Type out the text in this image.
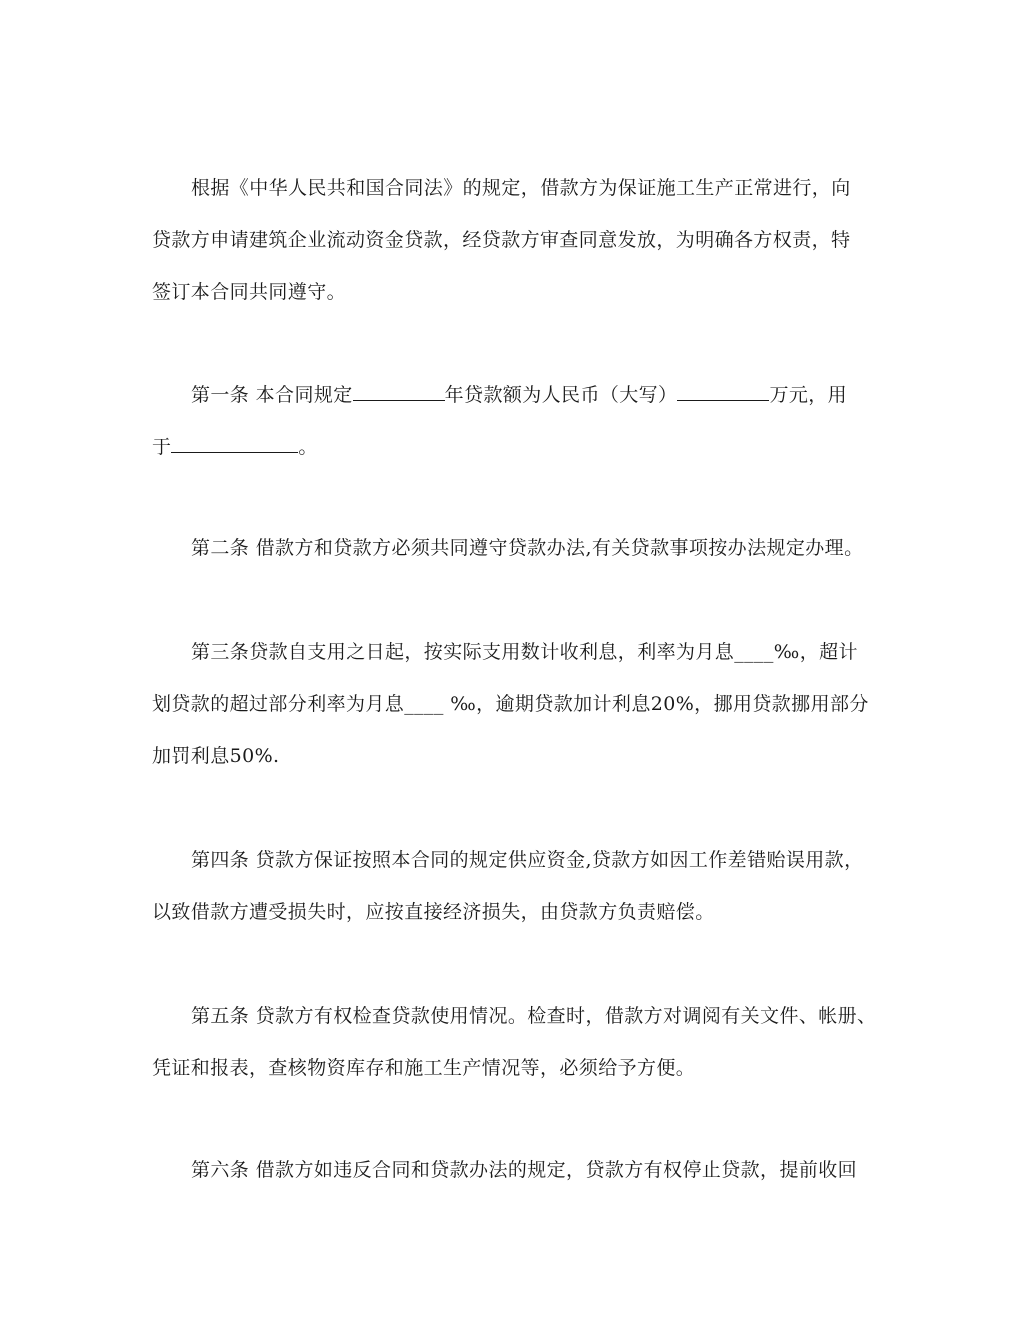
根据《中华人民共和国合同法》的规定，借款方为保证施工生产正常进行，向
贷款方申请建筑企业流动资金贷款，经贷款方审查同意发放，为明确各方权责，特
签订本合同共同遵守。
第一条 本合同规定	年贷款额为人民币（大写）	万元，用
于	。
第二条 借款方和贷款方必须共同遵守贷款办法,有关贷款事项按办法规定办理。
第三条贷款自支用之日起，按实际支用数计收利息，利率为月息____‰，超计
划贷款的超过部分利率为月息____ ‰，逾期贷款加计利息20%，挪用贷款挪用部分
加罚利息50%.
第四条 贷款方保证按照本合同的规定供应资金,贷款方如因工作差错贻误用款，
以致借款方遭受损失时，应按直接经济损失，由贷款方负责赔偿。
第五条 贷款方有权检查贷款使用情况。检查时，借款方对调阅有关文件、帐册、
凭证和报表，查核物资库存和施工生产情况等，必须给予方便。
第六条 借款方如违反合同和贷款办法的规定，贷款方有权停止贷款，提前收回
